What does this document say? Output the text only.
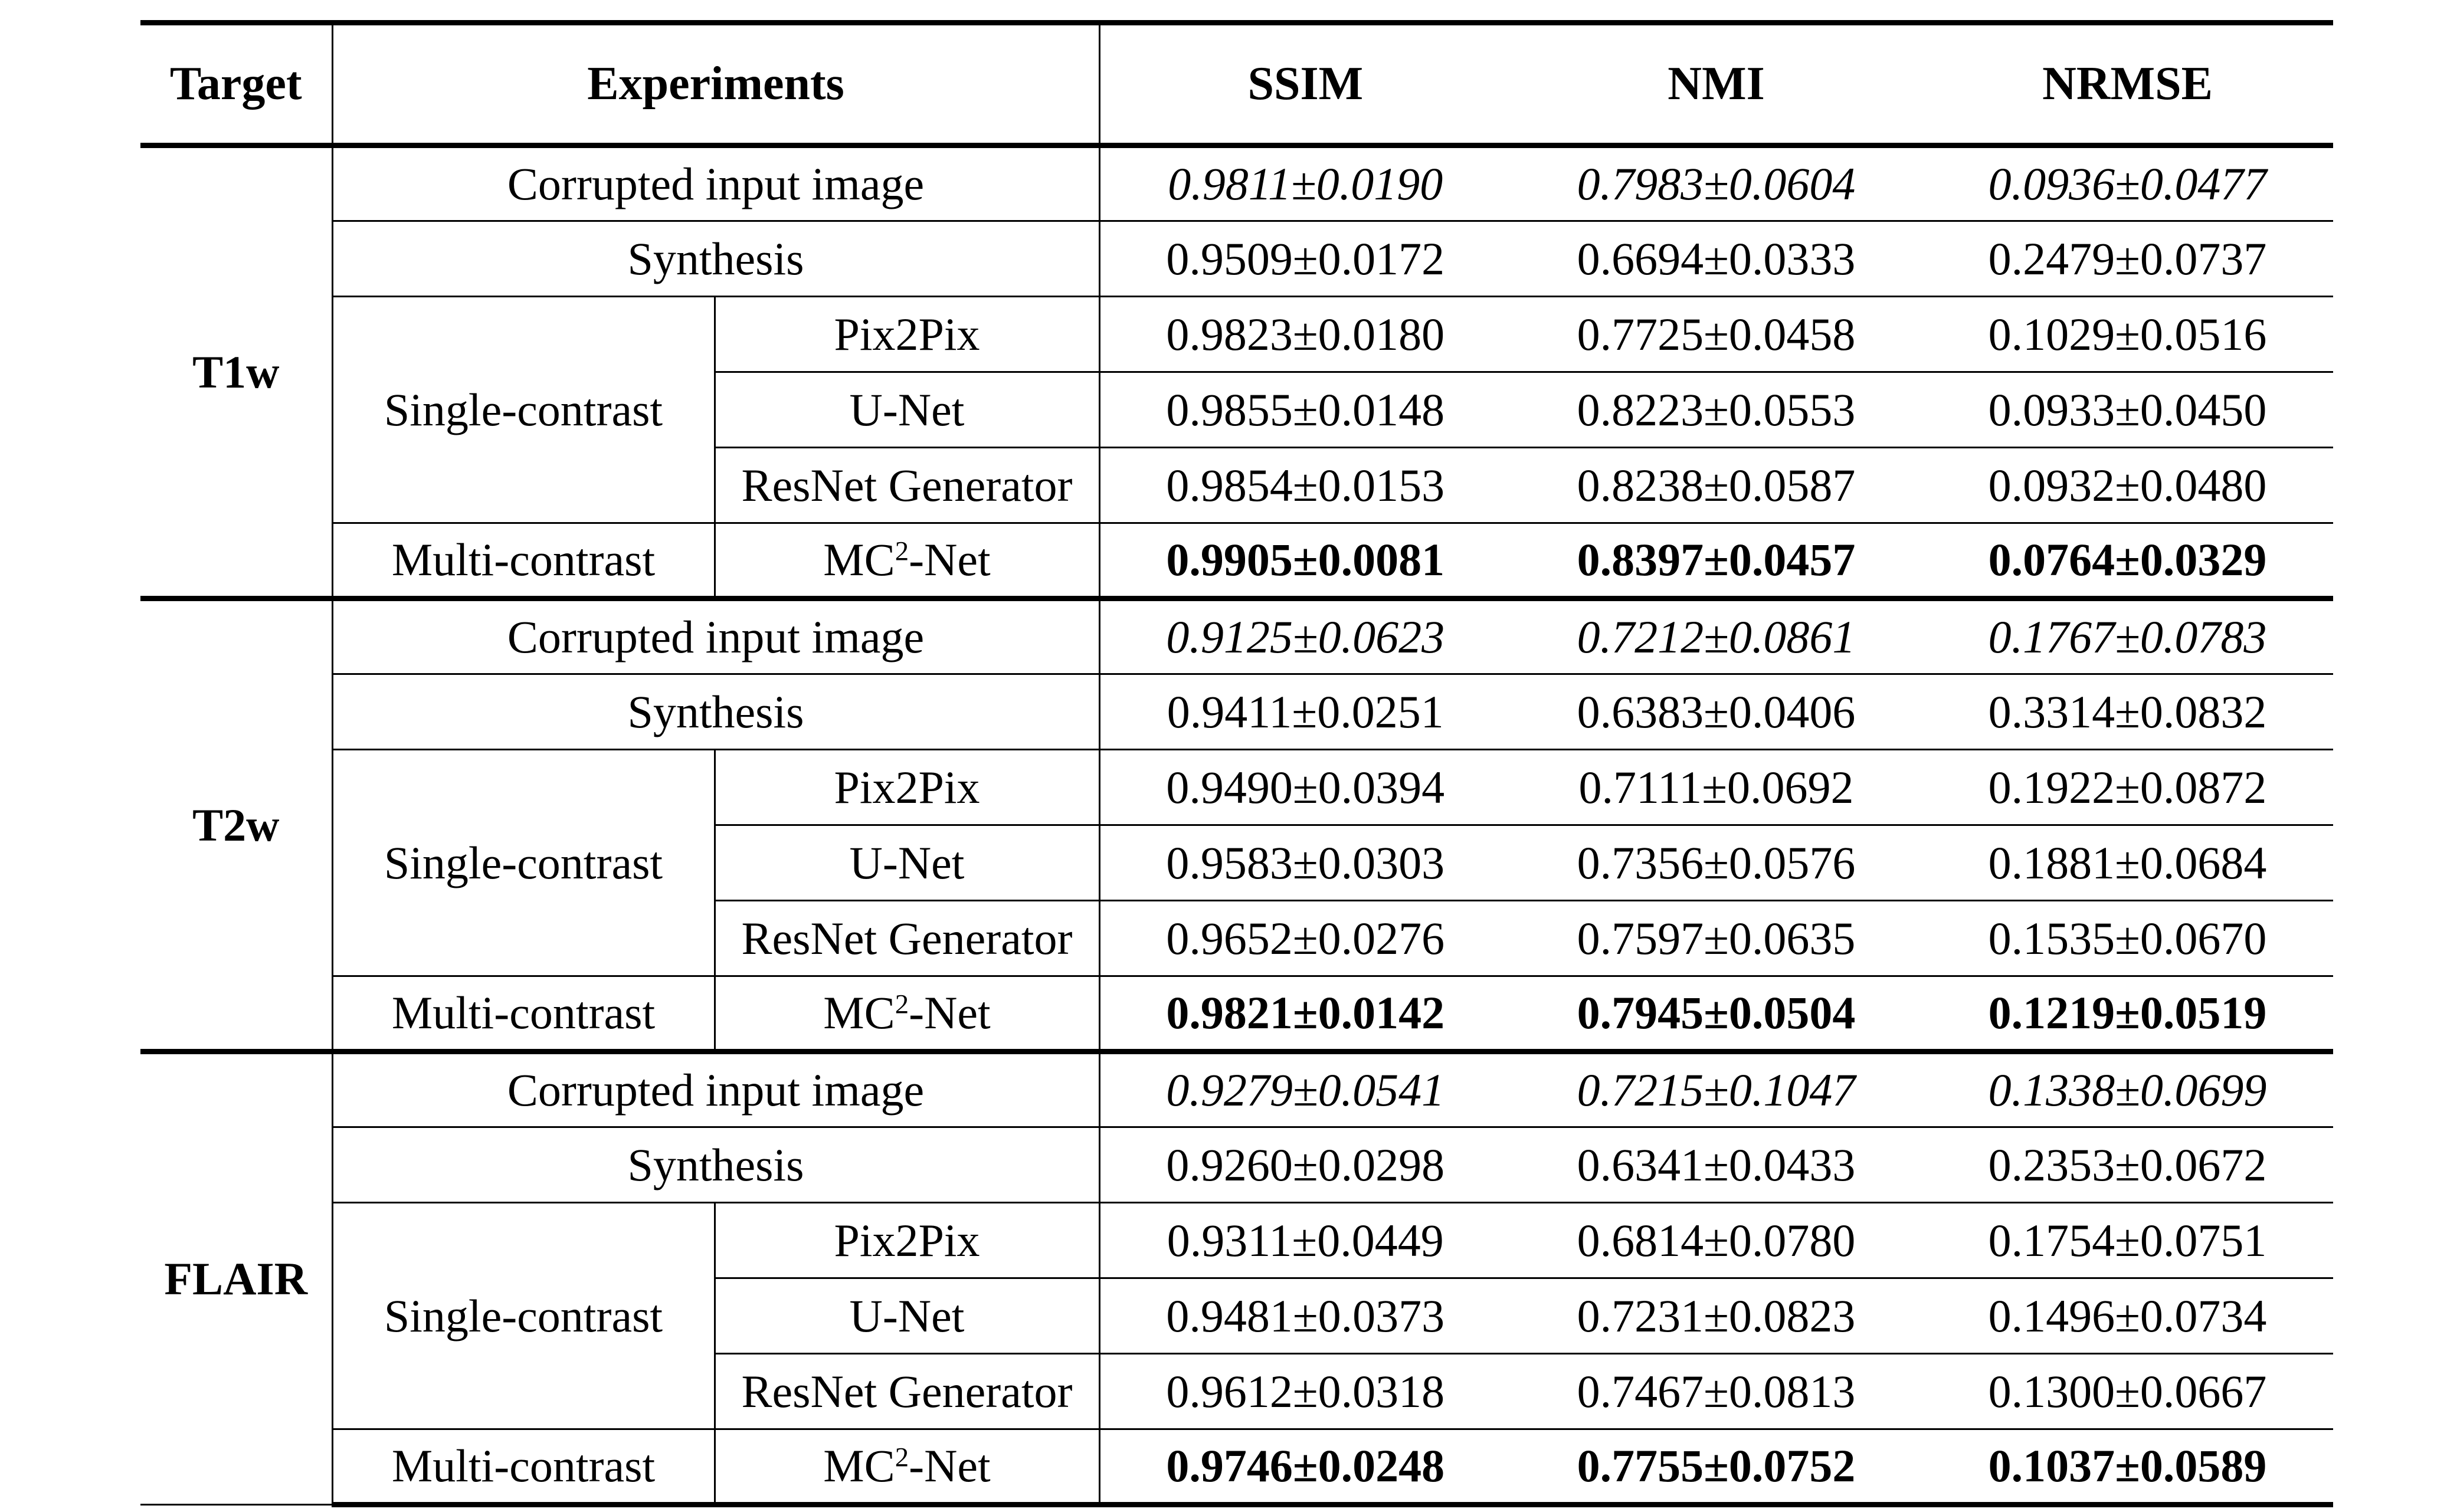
Target	Experiments		SSIM	NMI	NRMSE
T1w	Corrupted input image		0.9811±0.0190	0.7983±0.0604	0.0936±0.0477
	Synthesis		0.9509±0.0172	0.6694±0.0333	0.2479±0.0737
	Single-contrast	Pix2Pix	0.9823±0.0180	0.7725±0.0458	0.1029±0.0516
		U-Net	0.9855±0.0148	0.8223±0.0553	0.0933±0.0450
		ResNet Generator	0.9854±0.0153	0.8238±0.0587	0.0932±0.0480
	Multi-contrast	$MC^2$-Net	0.9905±0.0081	0.8397±0.0457	0.0764±0.0329
T2w	Corrupted input image		0.9125±0.0623	0.7212±0.0861	0.1767±0.0783
	Synthesis		0.9411±0.0251	0.6383±0.0406	0.3314±0.0832
	Single-contrast	Pix2Pix	0.9490±0.0394	0.7111±0.0692	0.1922±0.0872
		U-Net	0.9583±0.0303	0.7356±0.0576	0.1881±0.0684
		ResNet Generator	0.9652±0.0276	0.7597±0.0635	0.1535±0.0670
	Multi-contrast	$MC^2$-Net	0.9821±0.0142	0.7945±0.0504	0.1219±0.0519
FLAIR	Corrupted input image		0.9279±0.0541	0.7215±0.1047	0.1338±0.0699
	Synthesis		0.9260±0.0298	0.6341±0.0433	0.2353±0.0672
	Single-contrast	Pix2Pix	0.9311±0.0449	0.6814±0.0780	0.1754±0.0751
		U-Net	0.9481±0.0373	0.7231±0.0823	0.1496±0.0734
		ResNet Generator	0.9612±0.0318	0.7467±0.0813	0.1300±0.0667
	Multi-contrast	$MC^2$-Net	0.9746±0.0248	0.7755±0.0752	0.1037±0.0589
